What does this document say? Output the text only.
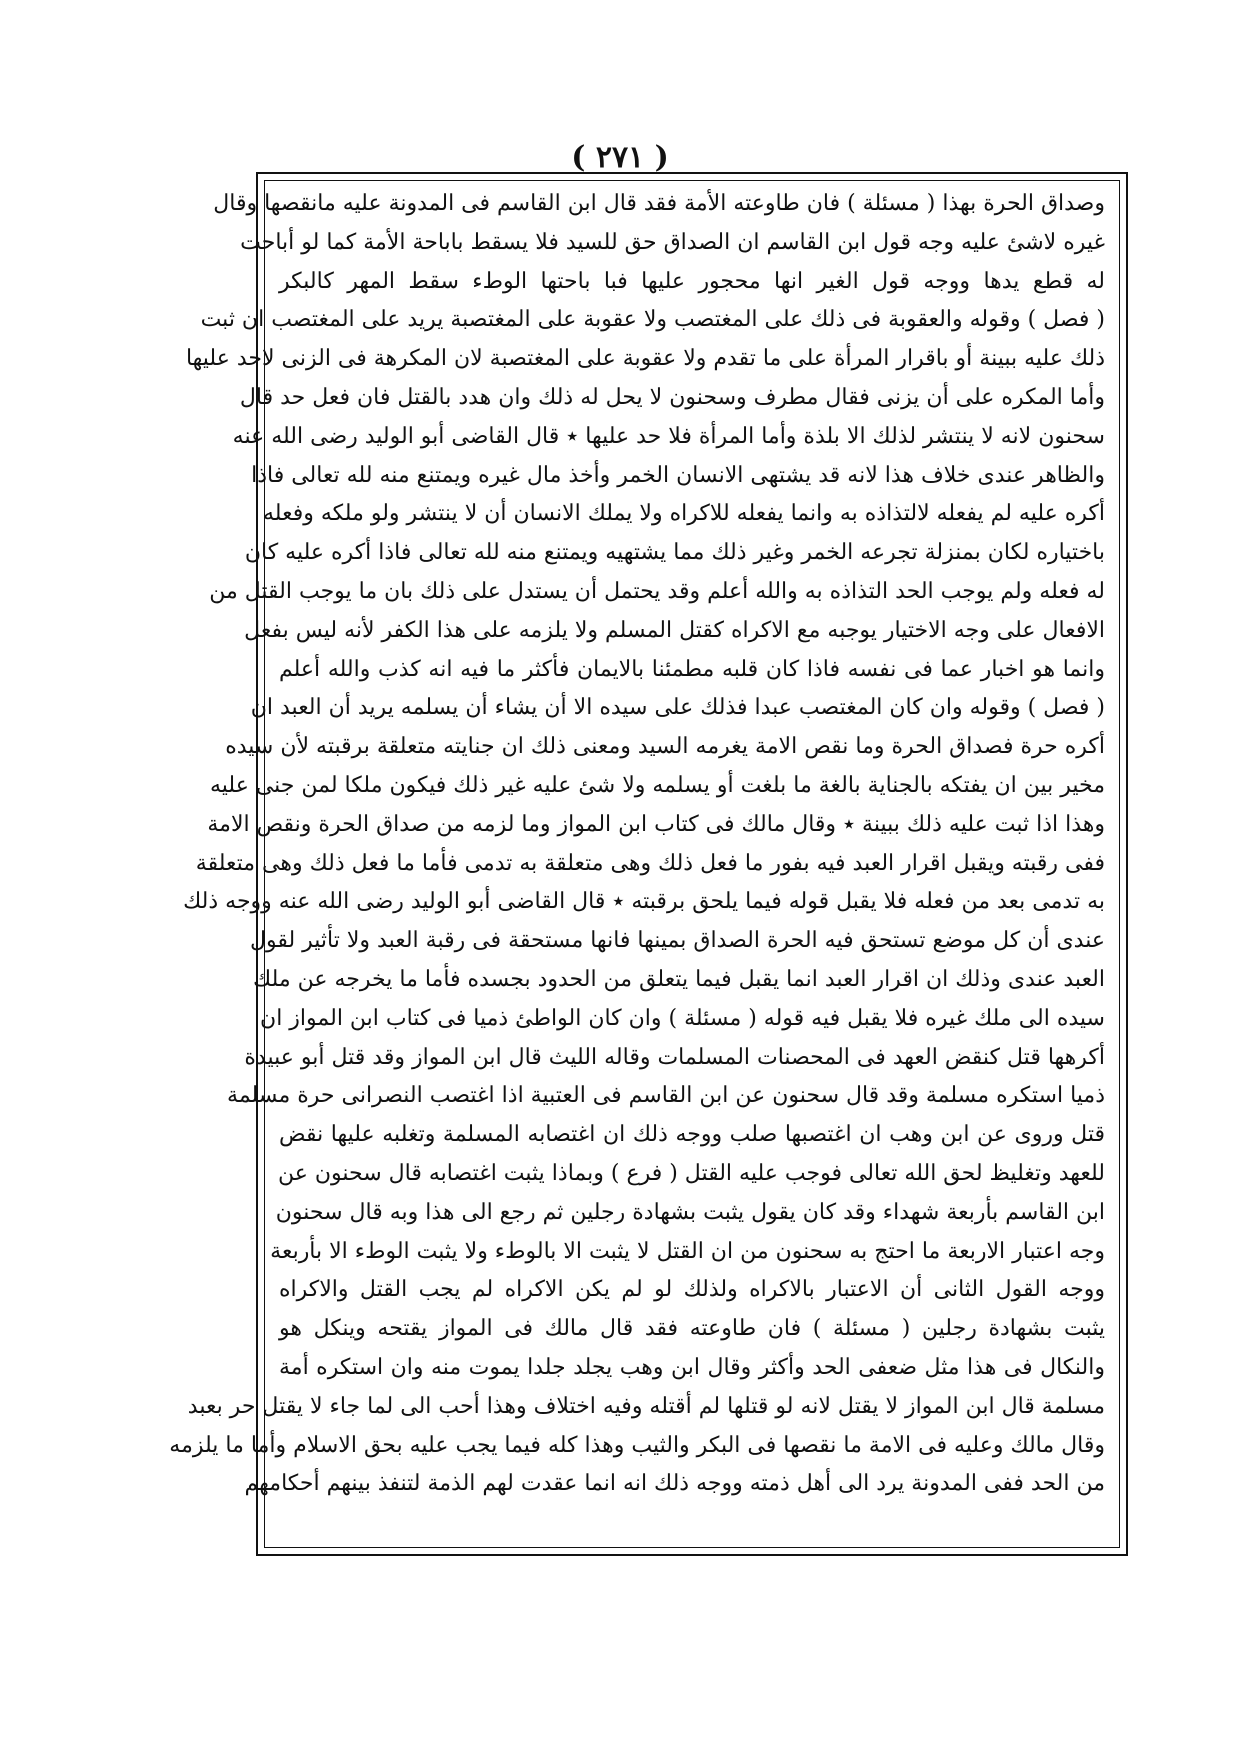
( ٢٧١ )
وصداق الحرة بهذا ( مسئلة ) فان طاوعته الأمة فقد قال ابن القاسم فى المدونة عليه مانقصها وقال
غيره لاشئ عليه وجه قول ابن القاسم ان الصداق حق للسيد فلا يسقط باباحة الأمة كما لو أباحت
له قطع يدها ووجه قول الغير انها محجور عليها فبا باحتها الوطء سقط المهر كالبكر
( فصل ) وقوله والعقوبة فى ذلك على المغتصب ولا عقوبة على المغتصبة يريد على المغتصب ان ثبت
ذلك عليه ببينة أو باقرار المرأة على ما تقدم ولا عقوبة على المغتصبة لان المكرهة فى الزنى لاحد عليها
وأما المكره على أن يزنى فقال مطرف وسحنون لا يحل له ذلك وان هدد بالقتل فان فعل حد قال
سحنون لانه لا ينتشر لذلك الا بلذة وأما المرأة فلا حد عليها ٭ قال القاضى أبو الوليد رضى الله عنه
والظاهر عندى خلاف هذا لانه قد يشتهى الانسان الخمر وأخذ مال غيره ويمتنع منه لله تعالى فاذا
أكره عليه لم يفعله لالتذاذه به وانما يفعله للاكراه ولا يملك الانسان أن لا ينتشر ولو ملكه وفعله
باختياره لكان بمنزلة تجرعه الخمر وغير ذلك مما يشتهيه ويمتنع منه لله تعالى فاذا أكره عليه كان
له فعله ولم يوجب الحد التذاذه به والله أعلم وقد يحتمل أن يستدل على ذلك بان ما يوجب القتل من
الافعال على وجه الاختيار يوجبه مع الاكراه كقتل المسلم ولا يلزمه على هذا الكفر لأنه ليس بفعل
وانما هو اخبار عما فى نفسه فاذا كان قلبه مطمئنا بالايمان فأكثر ما فيه انه كذب والله أعلم
( فصل ) وقوله وان كان المغتصب عبدا فذلك على سيده الا أن يشاء أن يسلمه يريد أن العبد ان
أكره حرة فصداق الحرة وما نقص الامة يغرمه السيد ومعنى ذلك ان جنايته متعلقة برقبته لأن سيده
مخير بين ان يفتكه بالجناية بالغة ما بلغت أو يسلمه ولا شئ عليه غير ذلك فيكون ملكا لمن جنى عليه
وهذا اذا ثبت عليه ذلك ببينة ٭ وقال مالك فى كتاب ابن المواز وما لزمه من صداق الحرة ونقص الامة
ففى رقبته ويقبل اقرار العبد فيه بفور ما فعل ذلك وهى متعلقة به تدمى فأما ما فعل ذلك وهى متعلقة
به تدمى بعد من فعله فلا يقبل قوله فيما يلحق برقبته ٭ قال القاضى أبو الوليد رضى الله عنه ووجه ذلك
عندى أن كل موضع تستحق فيه الحرة الصداق بمينها فانها مستحقة فى رقبة العبد ولا تأثير لقول
العبد عندى وذلك ان اقرار العبد انما يقبل فيما يتعلق من الحدود بجسده فأما ما يخرجه عن ملك
سيده الى ملك غيره فلا يقبل فيه قوله ( مسئلة ) وان كان الواطئ ذميا فى كتاب ابن المواز ان
أكرهها قتل كنقض العهد فى المحصنات المسلمات وقاله الليث قال ابن المواز وقد قتل أبو عبيدة
ذميا استكره مسلمة وقد قال سحنون عن ابن القاسم فى العتبية اذا اغتصب النصرانى حرة مسلمة
قتل وروى عن ابن وهب ان اغتصبها صلب ووجه ذلك ان اغتصابه المسلمة وتغلبه عليها نقض
للعهد وتغليظ لحق الله تعالى فوجب عليه القتل ( فرع ) وبماذا يثبت اغتصابه قال سحنون عن
ابن القاسم بأربعة شهداء وقد كان يقول يثبت بشهادة رجلين ثم رجع الى هذا وبه قال سحنون
وجه اعتبار الاربعة ما احتج به سحنون من ان القتل لا يثبت الا بالوطء ولا يثبت الوطء الا بأربعة
ووجه القول الثانى أن الاعتبار بالاكراه ولذلك لو لم يكن الاكراه لم يجب القتل والاكراه
يثبت بشهادة رجلين ( مسئلة ) فان طاوعته فقد قال مالك فى المواز يقتحه وينكل هو
والنكال فى هذا مثل ضعفى الحد وأكثر وقال ابن وهب يجلد جلدا يموت منه وان استكره أمة
مسلمة قال ابن المواز لا يقتل لانه لو قتلها لم أقتله وفيه اختلاف وهذا أحب الى لما جاء لا يقتل حر بعبد
وقال مالك وعليه فى الامة ما نقصها فى البكر والثيب وهذا كله فيما يجب عليه بحق الاسلام وأما ما يلزمه
من الحد ففى المدونة يرد الى أهل ذمته ووجه ذلك انه انما عقدت لهم الذمة لتنفذ بينهم أحكامهم
